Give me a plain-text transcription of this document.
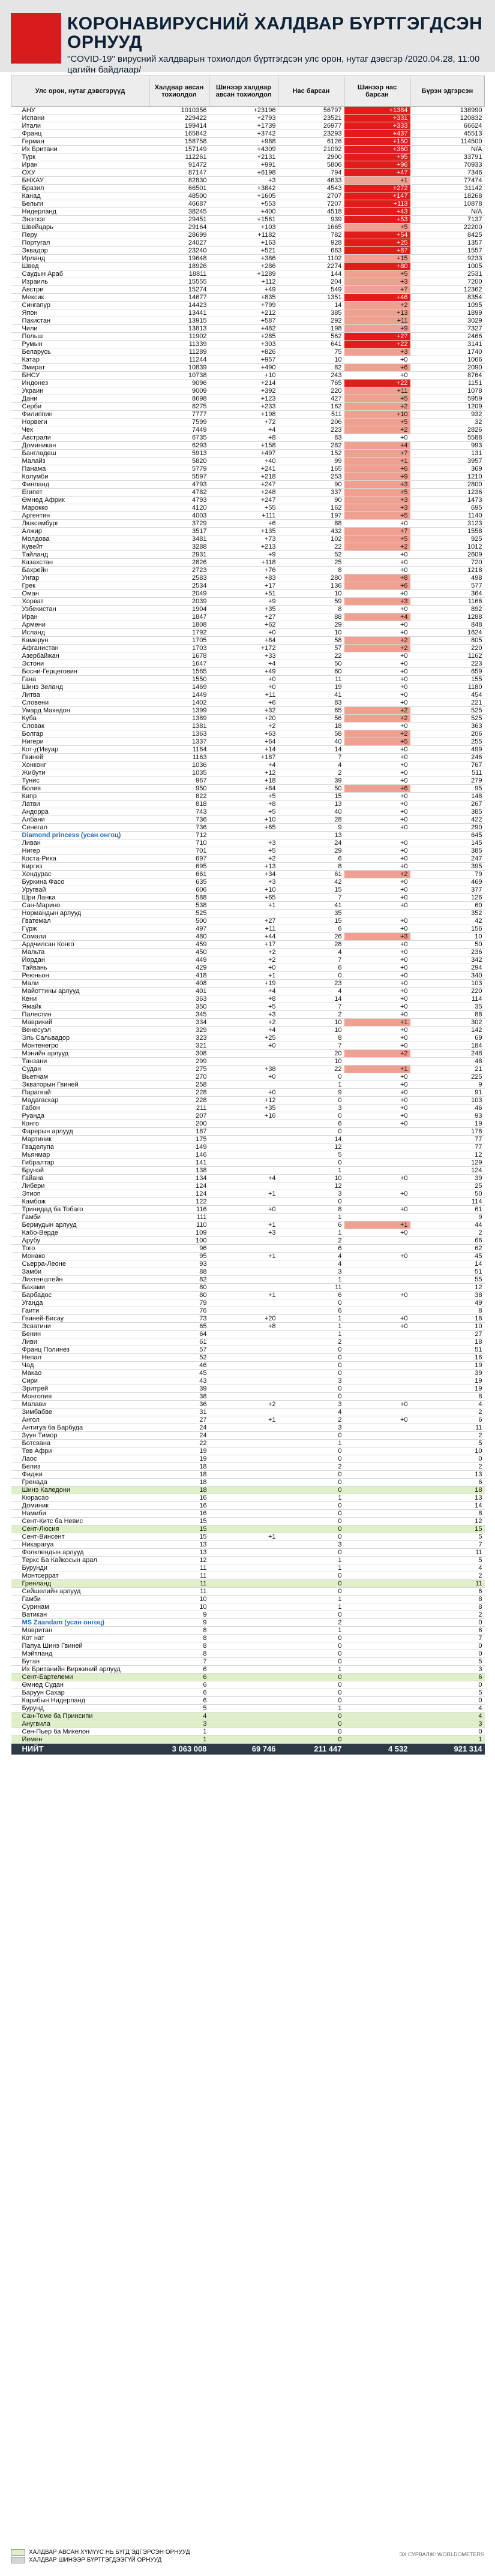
КОРОНАВИРУСНИЙ ХАЛДВАР БҮРТГЭГДСЭН ОРНУУД
"COVID-19" вирусний халдварын тохиолдол бүртгэгдсэн улс орон, нутаг дэвсгэр /2020.04.28, 11:00 цагийн байдлаар/
Улс орон, нутаг дэвсгэрүүд	Халдвар авсан тохиолдол	Шинээр халдвар авсан тохиолдол	Нас барсан	Шинээр нас барсан	Бүрэн эдгэрсэн
АНУ	1010356	+23196	56797	+1384	138990
Испани	229422	+2793	23521	+331	120832
Итали	199414	+1739	26977	+333	66624
Франц	165842	+3742	23293	+437	45513
Герман	158758	+988	6126	+150	114500
Их Британи	157149	+4309	21092	+360	N/A
Турк	112261	+2131	2900	+95	33791
Иран	91472	+991	5806	+96	70933
ОХУ	87147	+6198	794	+47	7346
БНХАУ	82830	+3	4633	+1	77474
Бразил	66501	+3842	4543	+272	31142
Канад	48500	+1605	2707	+147	18268
Бельги	46687	+553	7207	+113	10878
Нидерланд	38245	+400	4518	+43	N/A
Энэтхэг	29451	+1561	939	+53	7137
Швейцарь	29164	+103	1665	+5	22200
Перу	28699	+1182	782	+54	8425
Португал	24027	+163	928	+25	1357
Эквадор	23240	+521	663	+87	1557
Ирланд	19648	+386	1102	+15	9233
Швед	18926	+286	2274	+80	1005
Саудын Араб	18811	+1289	144	+5	2531
Израиль	15555	+112	204	+3	7200
Австри	15274	+49	549	+7	12362
Мексик	14677	+835	1351	+46	8354
Сингапур	14423	+799	14	+2	1095
Япон	13441	+212	385	+13	1899
Пакистан	13915	+587	292	+11	3029
Чили	13813	+482	198	+9	7327
Польш	11902	+285	562	+27	2466
Румын	11339	+303	641	+22	3141
Беларусь	11289	+826	75	+3	1740
Катар	11244	+957	10	+0	1066
Эмират	10839	+490	82	+6	2090
БНСУ	10738	+10	243	+0	8764
Индонез	9096	+214	765	+22	1151
Украин	9009	+392	220	+11	1078
Дани	8698	+123	427	+5	5959
Серби	8275	+233	162	+2	1209
Филиппин	7777	+198	511	+10	932
Норвеги	7599	+72	206	+5	32
Чех	7449	+4	223	+2	2826
Австрали	6735	+8	83	+0	5588
Доминикан	6293	+158	282	+4	993
Бангладеш	5913	+497	152	+7	131
Малайз	5820	+40	99	+1	3957
Панама	5779	+241	165	+6	369
Колумби	5597	+218	253	+9	1210
Финланд	4793	+247	90	+3	2800
Египет	4782	+248	337	+5	1236
Өмнөд Африк	4793	+247	90	+3	1473
Марокко	4120	+55	162	+3	695
Аргентин	4003	+111	197	+5	1140
Люксембург	3729	+6	88	+0	3123
Алжир	3517	+135	432	+7	1558
Молдова	3481	+73	102	+5	925
Кувейт	3288	+213	22	+2	1012
Тайланд	2931	+9	52	+0	2609
Казахстан	2826	+118	25	+0	720
Бахрейн	2723	+76	8	+0	1218
Унгар	2583	+83	280	+8	498
Грек	2534	+17	136	+6	577
Оман	2049	+51	10	+0	364
Хорват	2039	+9	59	+3	1166
Узбекистан	1904	+35	8	+0	892
Иран	1847	+27	88	+4	1288
Армени	1808	+62	29	+0	848
Исланд	1792	+0	10	+0	1624
Камерун	1705	+84	58	+2	805
Афганистан	1703	+172	57	+2	220
Азербайжан	1678	+33	22	+0	1162
Эстони	1647	+4	50	+0	223
Босни-Герцеговин	1565	+49	60	+0	659
Гана	1550	+0	11	+0	155
Шинэ Зеланд	1469	+0	19	+0	1180
Литва	1449	+11	41	+0	454
Словени	1402	+6	83	+0	221
Умард Македон	1399	+32	65	+2	525
Куба	1389	+20	56	+2	525
Словак	1381	+2	18	+0	363
Болгар	1363	+63	58	+2	206
Нигери	1337	+64	40	+5	255
Кот-д'Ивуар	1164	+14	14	+0	499
Гвиней	1163	+187	7	+0	246
Хонконг	1036	+4	4	+0	767
Жибути	1035	+12	2	+0	511
Тунис	967	+18	39	+0	279
Болив	950	+84	50	+6	95
Кипр	822	+5	15	+0	148
Латви	818	+8	13	+0	267
Андорра	743	+5	40	+0	385
Албани	736	+10	28	+0	422
Сенегал	736	+65	9	+0	290
Diamond princess (усан онгоц)	712		13		645
Ливан	710	+3	24	+0	145
Нигер	701	+5	29	+0	385
Коста-Рика	697	+2	6	+0	247
Киргиз	695	+13	8	+0	395
Хондурас	661	+34	61	+2	79
Буркина Фасо	635	+3	42	+0	469
Уругвай	606	+10	15	+0	377
Шри Ланка	588	+65	7	+0	126
Сан-Марино	538	+1	41	+0	60
Нормандын арлууд	525		35		352
Гватемал	500	+27	15	+0	42
Гүрж	497	+11	6	+0	156
Сомали	480	+44	26	+3	10
Ардчилсан Конго	459	+17	28	+0	50
Мальта	450	+2	4	+0	236
Йордан	449	+2	7	+0	342
Тайвань	429	+0	6	+0	294
Реюньон	418	+1	0	+0	340
Мали	408	+19	23	+0	103
Майоттины арлууд	401	+4	4	+0	220
Кени	363	+8	14	+0	114
Ямайк	350	+5	7	+0	35
Палестин	345	+3	2	+0	88
Маврикий	334	+2	10	+1	302
Венесуэл	329	+4	10	+0	142
Эль Сальвадор	323	+25	8	+0	69
Монтенегро	321	+0	7	+0	184
Мэнийн арлууд	308		20	+2	248
Танзани	299		10		48
Судан	275	+38	22	+1	21
Вьетнам	270	+0	0	+0	225
Экваторын Гвиней	258		1	+0	9
Парагвай	228	+0	9	+0	91
Мадагаскар	228	+12	0	+0	103
Габон	211	+35	3	+0	46
Руанда	207	+16	0	+0	93
Конго	200		6	+0	19
Фарерын арлууд	187		0		178
Мартиник	175		14		77
Гваделупа	149		12		77
Мьянмар	146		5		12
Гибралтар	141		0		129
Брунэй	138		1		124
Гайана	134	+4	10	+0	39
Либери	124		12		25
Этиоп	124	+1	3	+0	50
Камбож	122		0		114
Тринидад ба Тобаго	116	+0	8	+0	61
Гамби	111		1		9
Бермудын арлууд	110	+1	6	+1	44
Кабо-Верде	109	+3	1	+0	2
Арубу	100		2		66
Того	96		6		62
Монако	95	+1	4	+0	45
Сьерра-Леоне	93		4		14
Замби	88		3		51
Лихтенштейн	82		1		55
Бахами	80		11		12
Барбадос	80	+1	6	+0	38
Уганда	79		0		49
Гаити	76		6		8
Гвиней-Бисау	73	+20	1	+0	18
Эсватини	65	+8	1	+0	10
Бенин	64		1		27
Ливи	61		2		18
Франц Полинез	57		0		51
Непал	52		0		16
Чад	46		0		19
Макао	45		0		39
Сири	43		3		19
Эритрей	39		0		19
Монголия	38		0		8
Малави	36	+2	3	+0	4
Зимбабве	31		4		2
Ангол	27	+1	2	+0	6
Антигуа ба Барбуда	24		3		11
Зүүн Тимор	24		0		2
Ботсвана	22		1		5
Тев Афри	19		0		10
Лаос	19		0		0
Белиз	18		2		2
Фиджи	18		0		13
Гренада	18		0		6
Шинэ Каледони	18		0		18
Кюрасао	16		1		13
Доминик	16		0		14
Намиби	16		0		8
Сент-Китс ба Невис	15		0		12
Сент-Люсия	15		0		15
Сент-Винсент	15	+1	0		5
Никарагуа	13		3		7
Фолклендын арлууд	13		0		11
Теркс Ба Кайкосын арал	12		1		5
Бурунди	11		1		4
Монтсеррат	11		0		2
Гренланд	11		0		11
Сейшелийн арлууд	11		0		6
Гамби	10		1		8
Суринам	10		1		8
Ватикан	9		0		2
MS Zaandam (усан онгоц)	9		2		0
Мавритан	8		1		6
Кот нат	8		0		7
Папуа Шинэ Гвиней	8		0		0
Мэйтланд	8		0		0
Бутан	7		0		5
Их Британийн Виржиний арлууд	6		1		3
Сент-Бартелеми	6		0		6
Өмнөд Судан	6		0		0
Баруун Сахар	6		0		5
Карибын Нидерланд	6		0		0
Бурунд	5		1		4
Сан-Томе ба Принсипи	4		0		4
Анугвила	3		0		3
Сен-Пьер ба Микелон	1		0		0
Йемен	1		0		1
НИЙТ	3 063 008	69 746	211 447	4 532	921 314
ХАЛДВАР АВСАН ХҮМҮҮС НЬ БҮГД ЭДГЭРСЭН ОРНУУД
ХАЛДВАР ШИНЭЭР БҮРТГЭГДЭЭГҮЙ ОРНУУД
ЭХ СУРВАЛЖ: WORLDOMETERS
